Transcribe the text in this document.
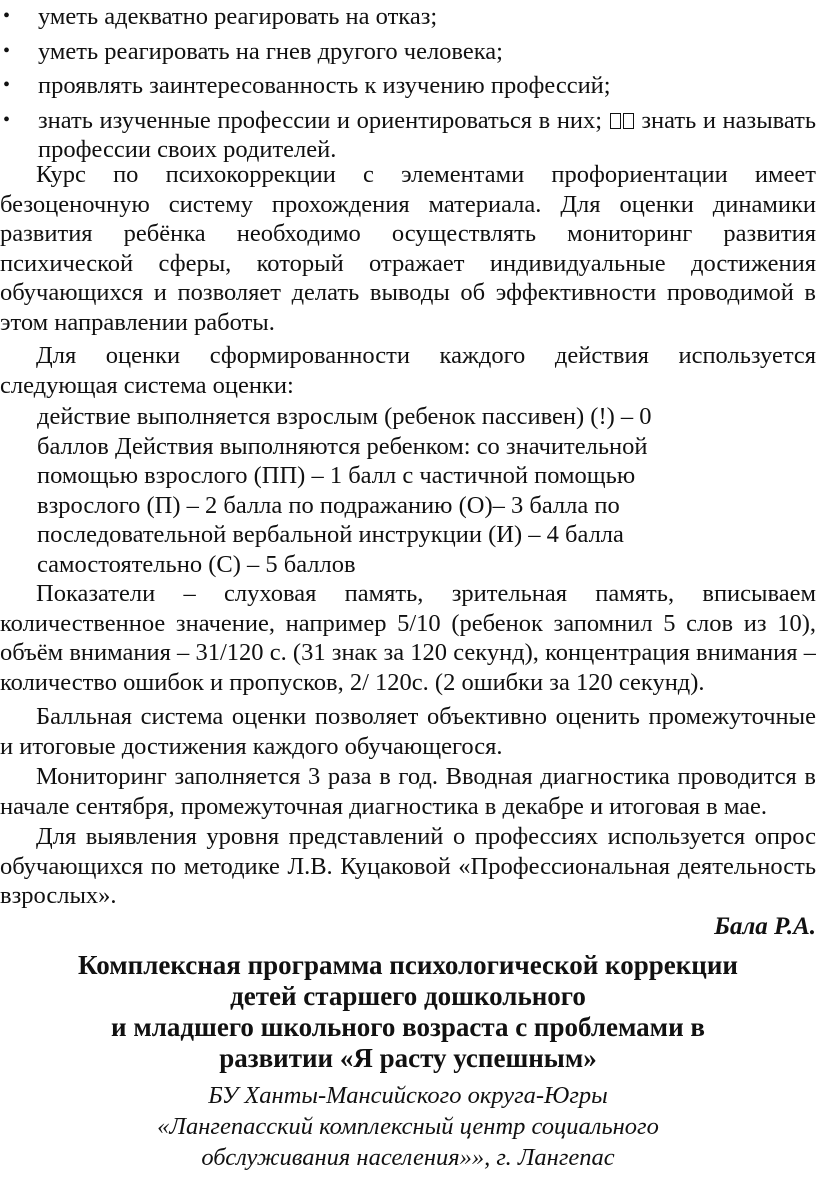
• уметь адекватно реагировать на отказ;
• уметь реагировать на гнев другого человека;
• проявлять заинтересованность к изучению профессий;
• знать изученные профессии и ориентироваться в них; знать и называть профессии своих родителей.

Курс по психокоррекции с элементами профориентации имеет безоценочную систему прохождения материала. Для оценки динамики развития ребёнка необходимо осуществлять мониторинг развития психической сферы, который отражает индивидуальные достижения обучающихся и позволяет делать выводы об эффективности проводимой в этом направлении работы.

Для оценки сформированности каждого действия используется следующая система оценки:

действие выполняется взрослым (ребенок пассивен) (!) – 0
баллов Действия выполняются ребенком: со значительной
помощью взрослого (ПП) – 1 балл с частичной помощью
взрослого (П) – 2 балла по подражанию (О)– 3 балла по
последовательной вербальной инструкции (И) – 4 балла
самостоятельно (С) – 5 баллов

Показатели – слуховая память, зрительная память, вписываем количественное значение, например 5/10 (ребенок запомнил 5 слов из 10), объём внимания – 31/120 с. (31 знак за 120 секунд), концентрация внимания – количество ошибок и пропусков, 2/ 120с. (2 ошибки за 120 секунд).

Балльная система оценки позволяет объективно оценить промежуточные и итоговые достижения каждого обучающегося.

Мониторинг заполняется 3 раза в год. Вводная диагностика проводится в начале сентября, промежуточная диагностика в декабре и итоговая в мае.

Для выявления уровня представлений о профессиях используется опрос обучающихся по методике Л.В. Куцаковой «Профессиональная деятельность взрослых».

Бала Р.А.
Комплексная программа психологической коррекции
детей старшего дошкольного
и младшего школьного возраста с проблемами в
развитии «Я расту успешным»
БУ Ханты-Мансийского округа-Югры
«Лангепасский комплексный центр социального
обслуживания населения»», г. Лангепас
